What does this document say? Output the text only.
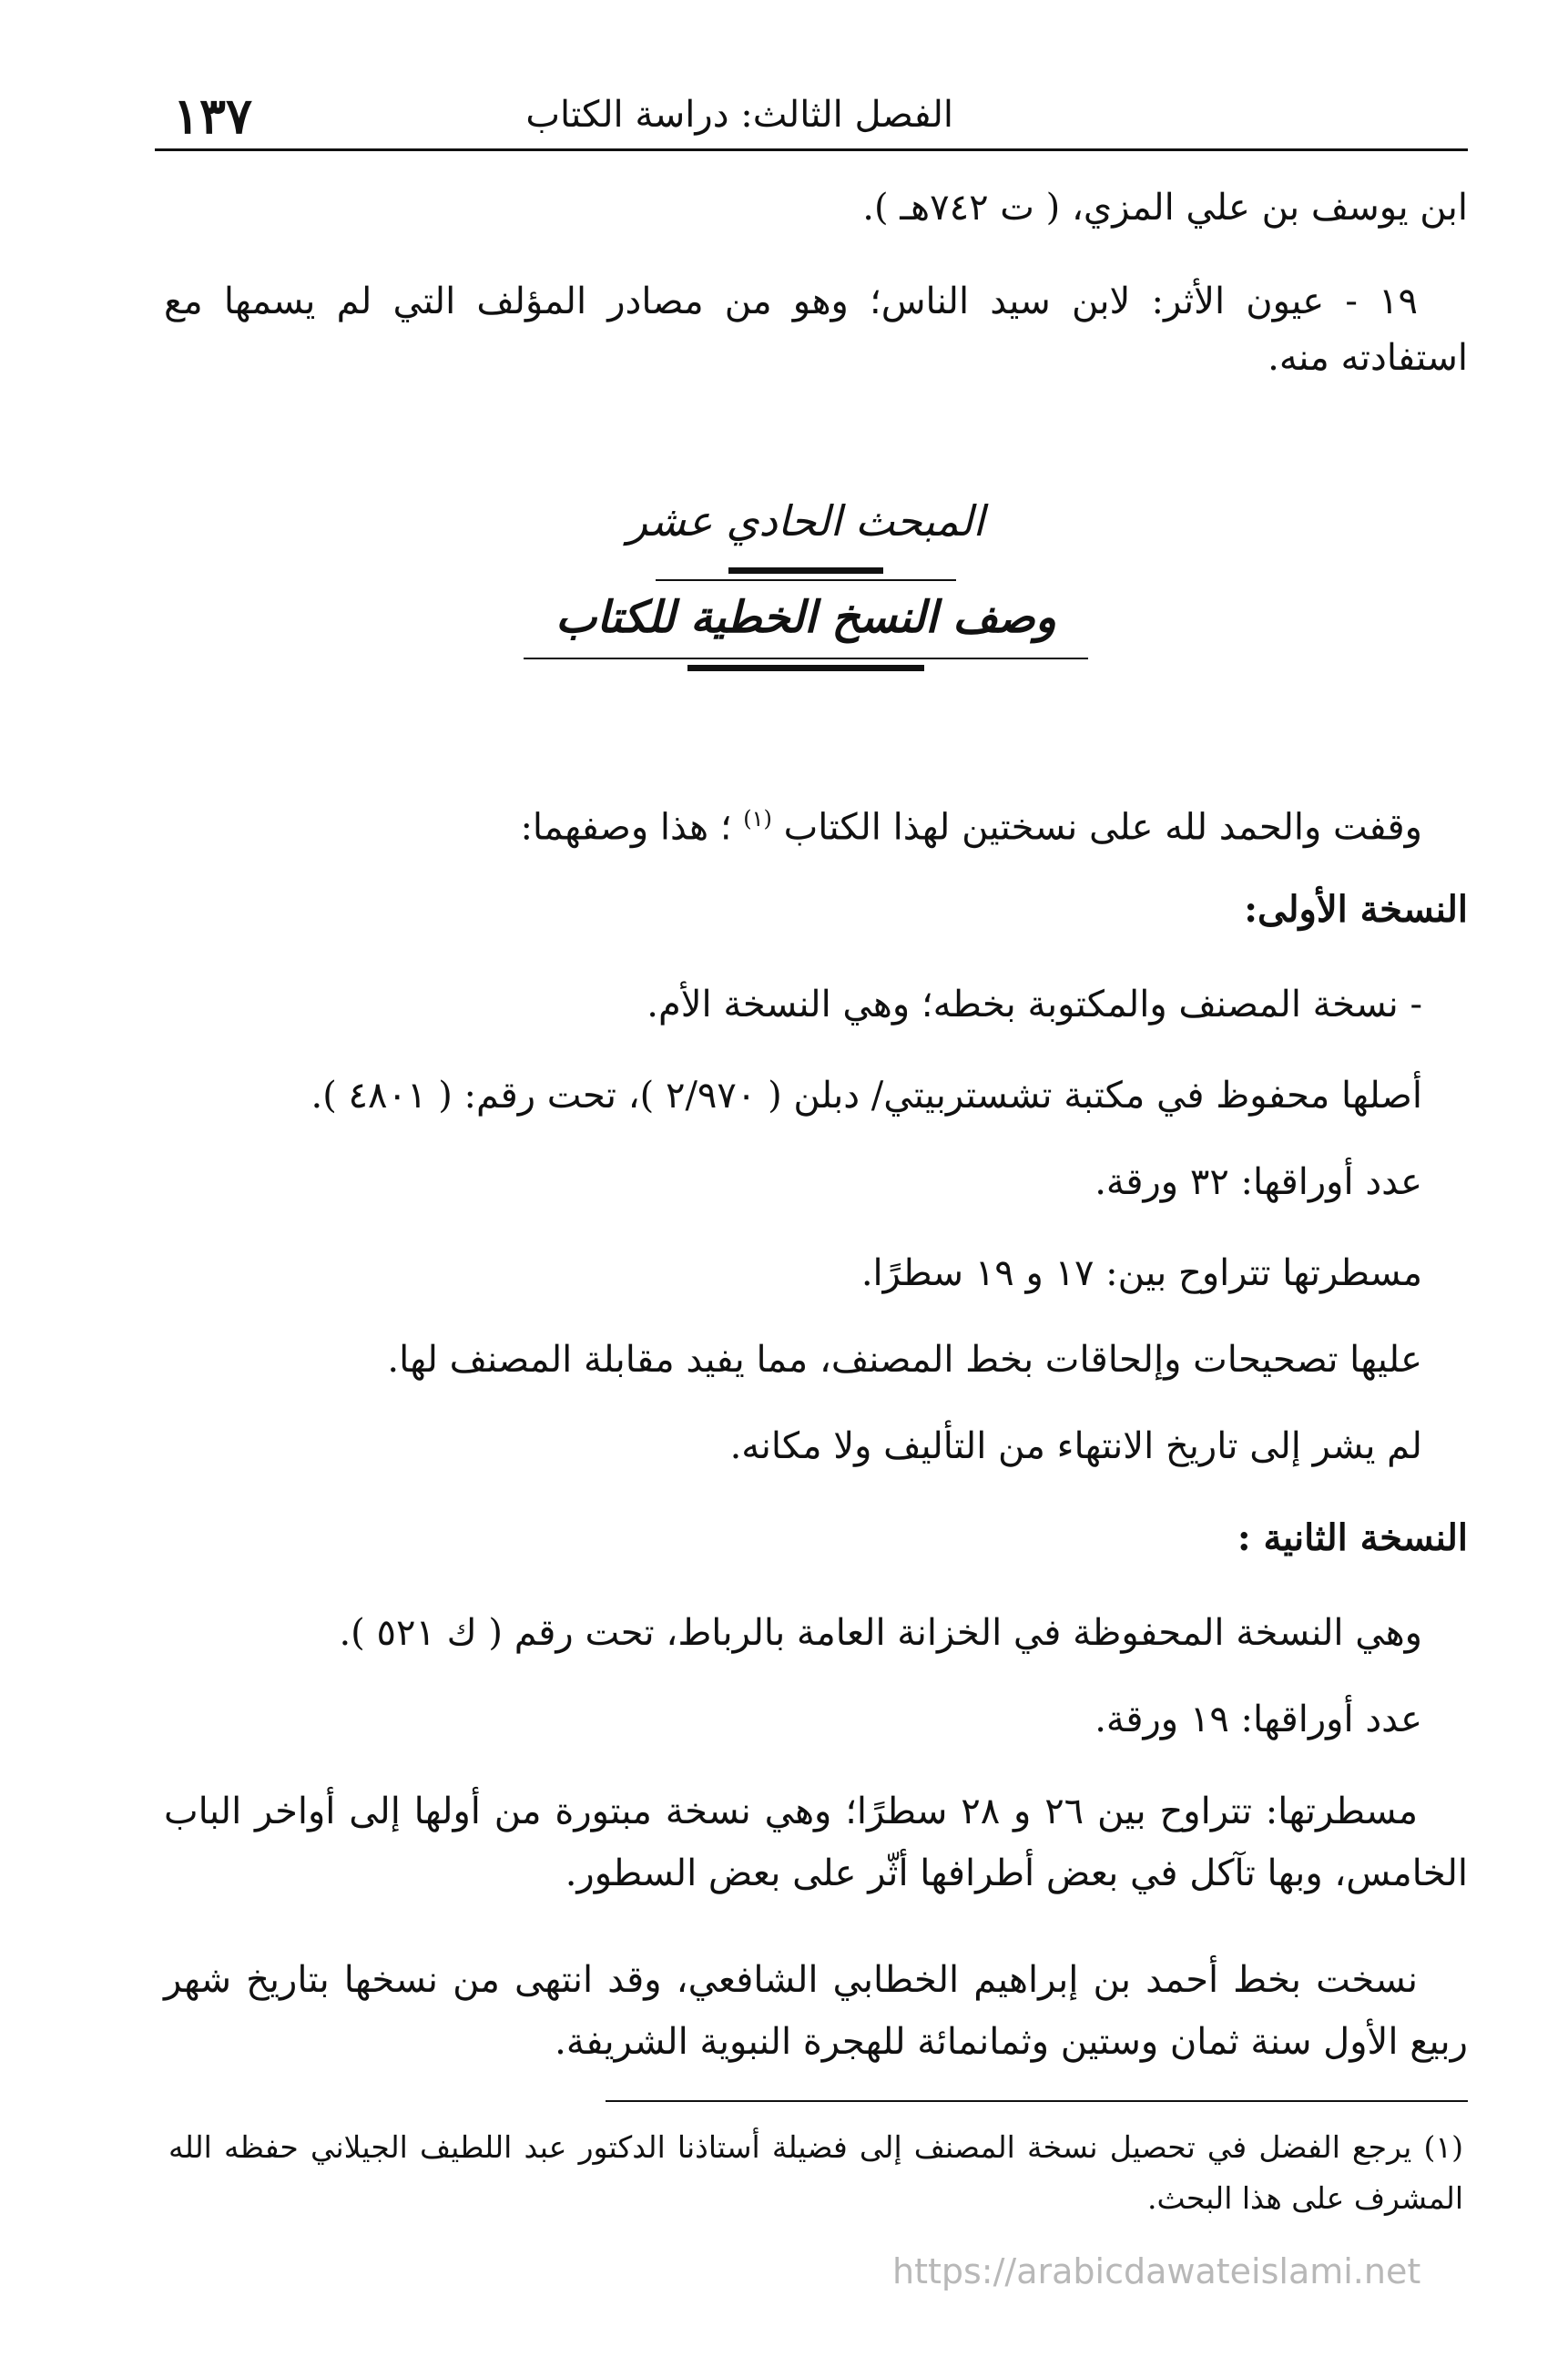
الفصل الثالث: دراسة الكتاب
١٣٧
ابن يوسف بن علي المزي، ( ت ٧٤٢هـ ).
١٩ - عيون الأثر: لابن سيد الناس؛ وهو من مصادر المؤلف التي لم يسمها مع استفادته منه.
المبحث الحادي عشر
وصف النسخ الخطية للكتاب
وقفت والحمد لله على نسختين لهذا الكتاب $^{(١)}$ ؛ هذا وصفهما:
النسخة الأولى:
- نسخة المصنف والمكتوبة بخطه؛ وهي النسخة الأم.
أصلها محفوظ في مكتبة تشستربيتي/ دبلن ( ٢/٩٧٠ )، تحت رقم: ( ٤٨٠١ ).
عدد أوراقها: ٣٢ ورقة.
مسطرتها تتراوح بين: ١٧ و ١٩ سطرًا.
عليها تصحيحات وإلحاقات بخط المصنف، مما يفيد مقابلة المصنف لها.
لم يشر إلى تاريخ الانتهاء من التأليف ولا مكانه.
النسخة الثانية :
وهي النسخة المحفوظة في الخزانة العامة بالرباط، تحت رقم ( ك ٥٢١ ).
عدد أوراقها: ١٩ ورقة.
مسطرتها: تتراوح بين ٢٦ و ٢٨ سطرًا؛ وهي نسخة مبتورة من أولها إلى أواخر الباب الخامس، وبها تآكل في بعض أطرافها أثّر على بعض السطور.
نسخت بخط أحمد بن إبراهيم الخطابي الشافعي، وقد انتهى من نسخها بتاريخ شهر ربيع الأول سنة ثمان وستين وثمانمائة للهجرة النبوية الشريفة.
(١) يرجع الفضل في تحصيل نسخة المصنف إلى فضيلة أستاذنا الدكتور عبد اللطيف الجيلاني حفظه الله المشرف على هذا البحث.
https://arabicdawateislami.net
